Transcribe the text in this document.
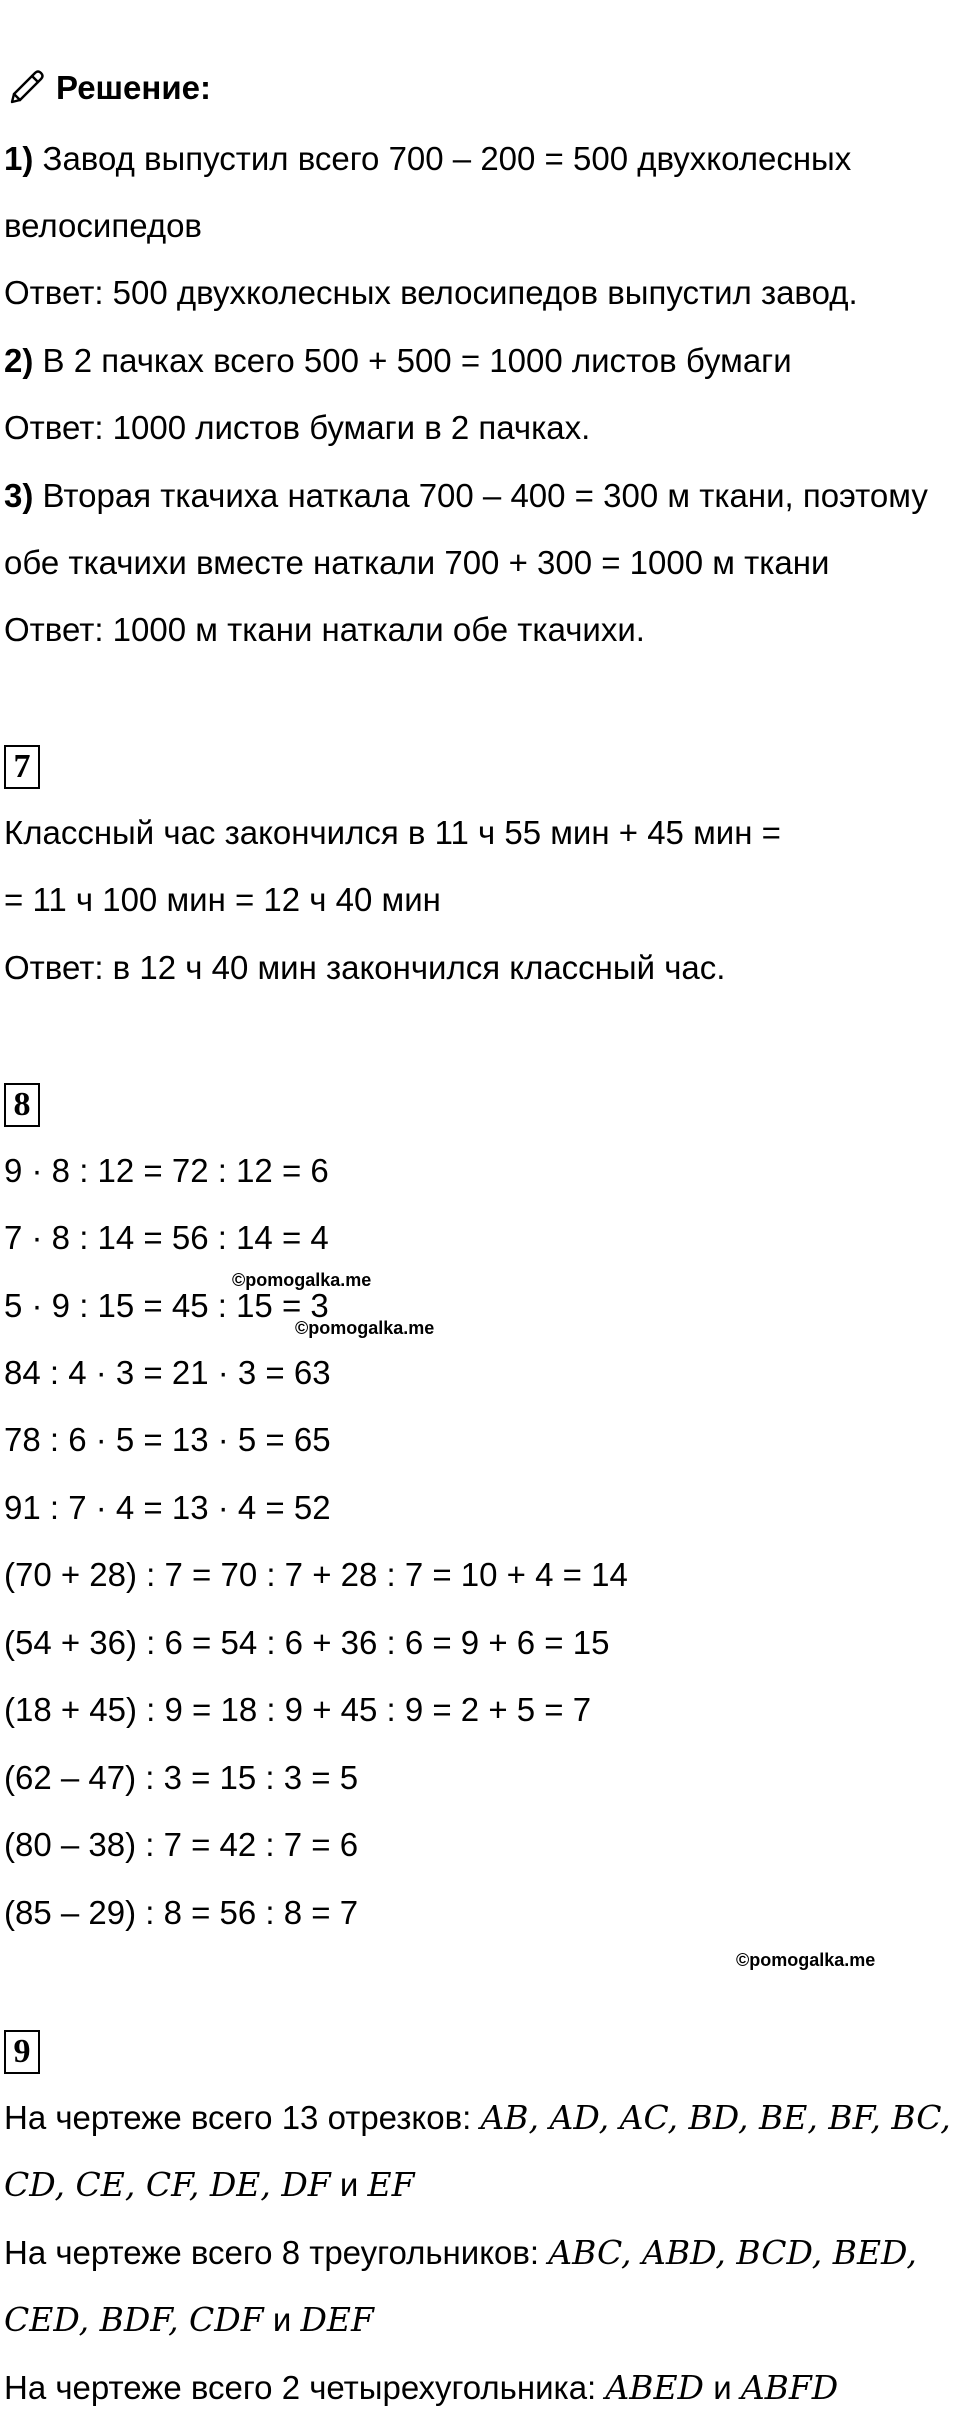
Решение:
1) Завод выпустил всего 700 – 200 = 500 двухколесных
велосипедов
Ответ: 500 двухколесных велосипедов выпустил завод.
2) В 2 пачках всего 500 + 500 = 1000 листов бумаги
Ответ: 1000 листов бумаги в 2 пачках.
3) Вторая ткачиха наткала 700 – 400 = 300 м ткани, поэтому
обе ткачихи вместе наткали 700 + 300 = 1000 м ткани
Ответ: 1000 м ткани наткали обе ткачихи.
7
Классный час закончился в 11 ч 55 мин + 45 мин =
= 11 ч 100 мин = 12 ч 40 мин
Ответ: в 12 ч 40 мин закончился классный час.
8
9 · 8 : 12 = 72 : 12 = 6
7 · 8 : 14 = 56 : 14 = 4
5 · 9 : 15 = 45 : 15 = 3
84 : 4 · 3 = 21 · 3 = 63
78 : 6 · 5 = 13 · 5 = 65
91 : 7 · 4 = 13 · 4 = 52
(70 + 28) : 7 = 70 : 7 + 28 : 7 = 10 + 4 = 14
(54 + 36) : 6 = 54 : 6 + 36 : 6 = 9 + 6 = 15
(18 + 45) : 9 = 18 : 9 + 45 : 9 = 2 + 5 = 7
(62 – 47) : 3 = 15 : 3 = 5
(80 – 38) : 7 = 42 : 7 = 6
(85 – 29) : 8 = 56 : 8 = 7
©pomogalka.me
©pomogalka.me
©pomogalka.me
9
На чертеже всего 13 отрезков: AB, AD, AC, BD, BE, BF, BC,
CD, CE, CF, DE, DF и EF
На чертеже всего 8 треугольников: ABC, ABD, BCD, BED,
CED, BDF, CDF и DEF
На чертеже всего 2 четырехугольника: ABED и ABFD
